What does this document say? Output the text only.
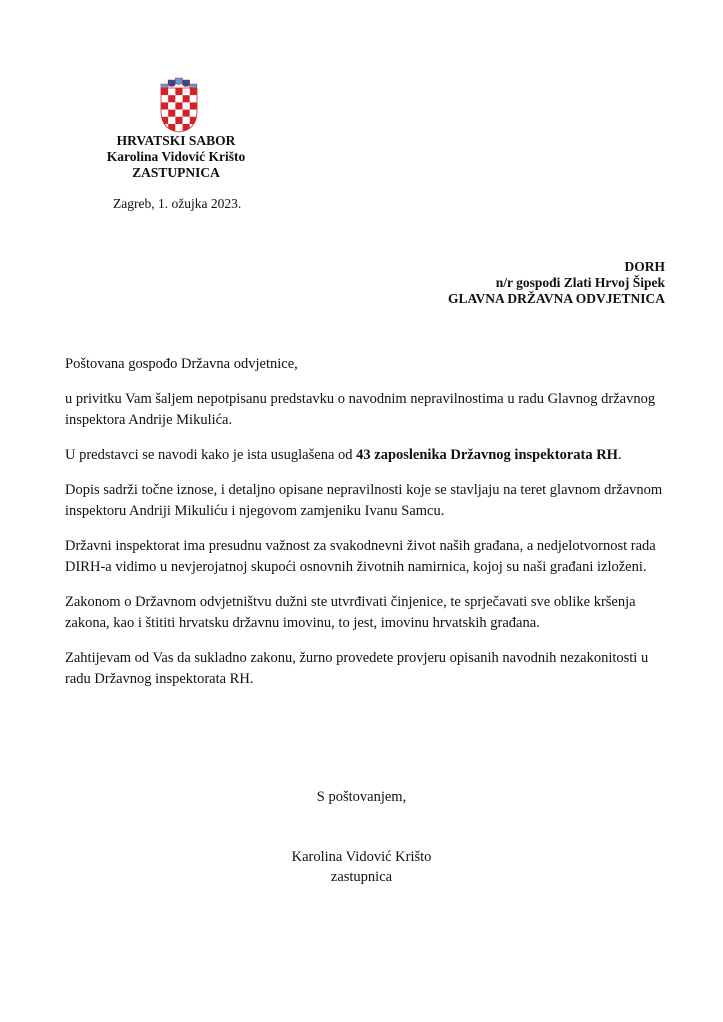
HRVATSKI SABOR
Karolina Vidović Krišto
ZASTUPNICA
Zagreb, 1. ožujka 2023.
DORH
n/r gospođi Zlati Hrvoj Šipek
GLAVNA DRŽAVNA ODVJETNICA

Poštovana gospođo Državna odvjetnice,

u privitku Vam šaljem nepotpisanu predstavku o navodnim nepravilnostima u radu Glavnog državnog inspektora Andrije Mikulića.

U predstavci se navodi kako je ista usuglašena od 43 zaposlenika Državnog inspektorata RH.

Dopis sadrži točne iznose, i detaljno opisane nepravilnosti koje se stavljaju na teret glavnom državnom inspektoru Andriji Mikuliću i njegovom zamjeniku Ivanu Samcu.

Državni inspektorat ima presudnu važnost za svakodnevni život naših građana, a nedjelotvornost rada DIRH-a vidimo u nevjerojatnoj skupoći osnovnih životnih namirnica, kojoj su naši građani izloženi.

Zakonom o Državnom odvjetništvu dužni ste utvrđivati činjenice, te sprječavati sve oblike kršenja zakona, kao i štititi hrvatsku državnu imovinu, to jest, imovinu hrvatskih građana.

Zahtijevam od Vas da sukladno zakonu, žurno provedete provjeru opisanih navodnih nezakonitosti u radu Državnog inspektorata RH.

S poštovanjem,
Karolina Vidović Krišto
zastupnica
